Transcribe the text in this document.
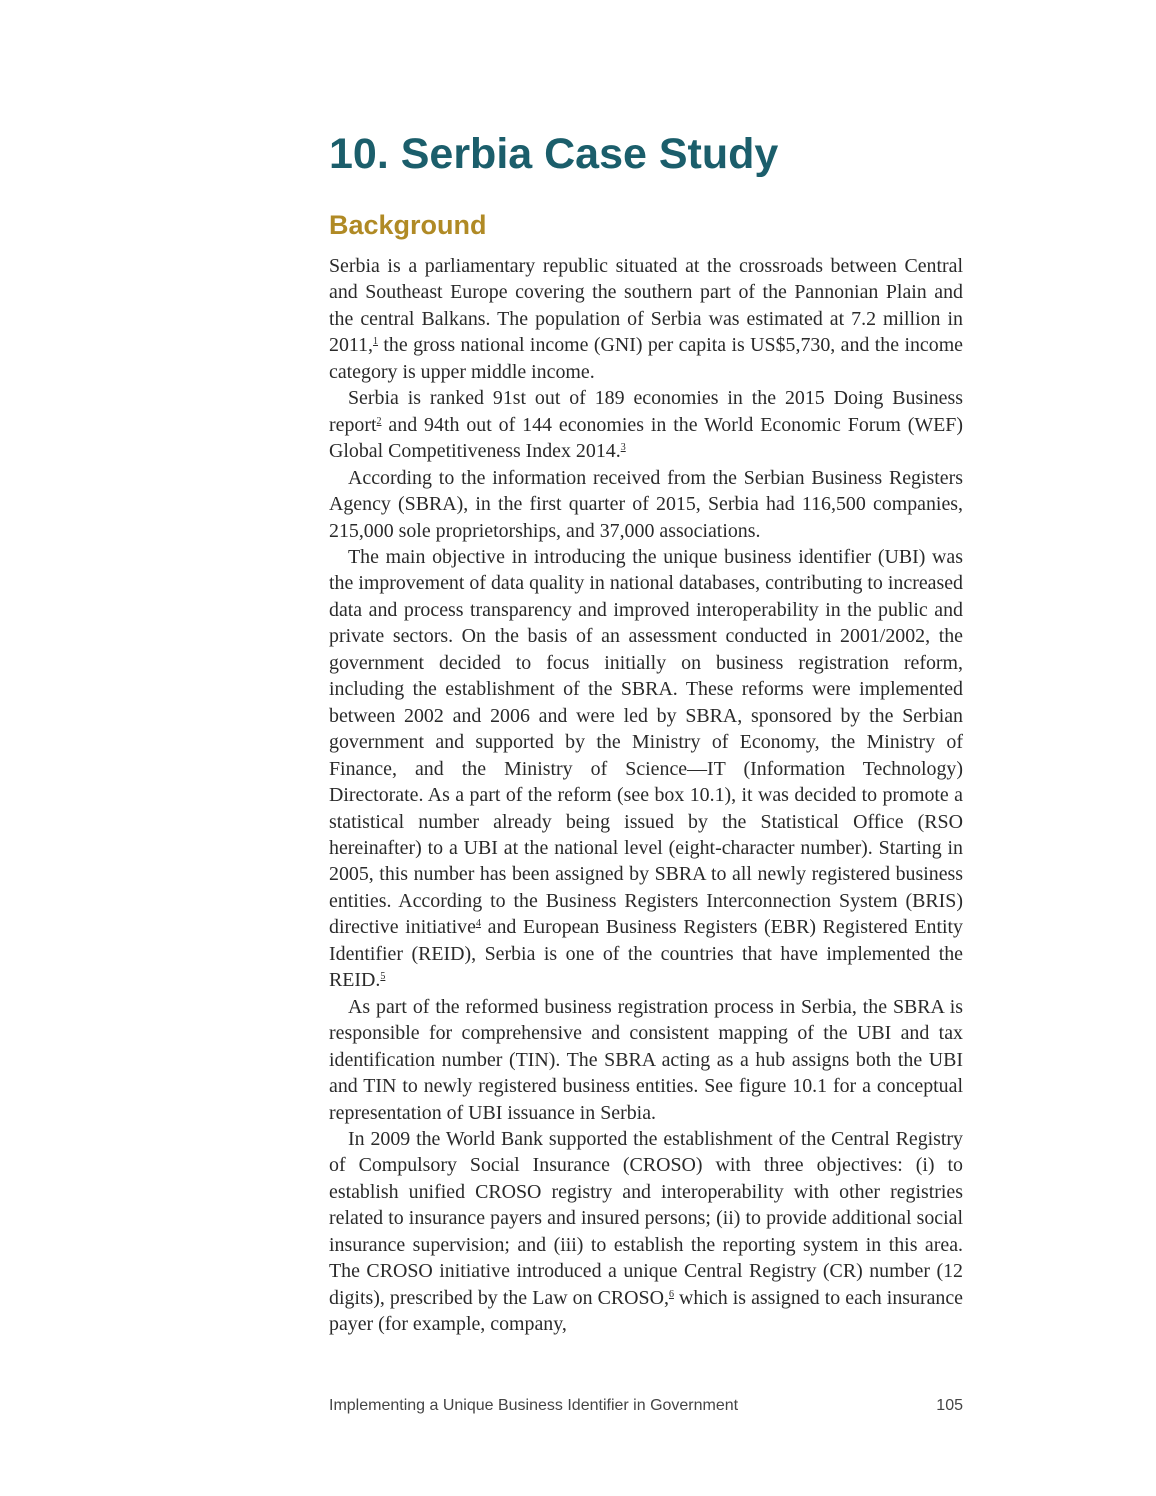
10. Serbia Case Study
Background

Serbia is a parliamentary republic situated at the crossroads between Central and Southeast Europe covering the southern part of the Pannonian Plain and the central Balkans. The population of Serbia was estimated at 7.2 million in 2011,$^1$ the gross national income (GNI) per capita is US$5,730, and the income category is upper middle income.

Serbia is ranked 91st out of 189 economies in the 2015 Doing Business report$^2$ and 94th out of 144 economies in the World Economic Forum (WEF) Global Competitiveness Index 2014.$^3$

According to the information received from the Serbian Business Registers Agency (SBRA), in the first quarter of 2015, Serbia had 116,500 companies, 215,000 sole proprietorships, and 37,000 associations.

The main objective in introducing the unique business identifier (UBI) was the improvement of data quality in national databases, contributing to increased data and process transparency and improved interoperability in the public and private sectors. On the basis of an assessment conducted in 2001/2002, the government decided to focus initially on business registration reform, including the establishment of the SBRA. These reforms were implemented between 2002 and 2006 and were led by SBRA, sponsored by the Serbian government and supported by the Ministry of Economy, the Ministry of Finance, and the Ministry of Science—IT (Information Technology) Directorate. As a part of the reform (see box 10.1), it was decided to promote a statistical number already being issued by the Statistical Office (RSO hereinafter) to a UBI at the national level (eight-character number). Starting in 2005, this number has been assigned by SBRA to all newly registered business entities. According to the Business Registers Interconnection System (BRIS) directive initiative$^4$ and European Business Registers (EBR) Registered Entity Identifier (REID), Serbia is one of the countries that have implemented the REID.$^5$

As part of the reformed business registration process in Serbia, the SBRA is responsible for comprehensive and consistent mapping of the UBI and tax identification number (TIN). The SBRA acting as a hub assigns both the UBI and TIN to newly registered business entities. See figure 10.1 for a conceptual representation of UBI issuance in Serbia.

In 2009 the World Bank supported the establishment of the Central Registry of Compulsory Social Insurance (CROSO) with three objectives: (i) to establish unified CROSO registry and interoperability with other registries related to insurance payers and insured persons; (ii) to provide additional social insurance supervision; and (iii) to establish the reporting system in this area. The CROSO initiative introduced a unique Central Registry (CR) number (12 digits), prescribed by the Law on CROSO,$^6$ which is assigned to each insurance payer (for example, company,

Implementing a Unique Business Identifier in Government	105
